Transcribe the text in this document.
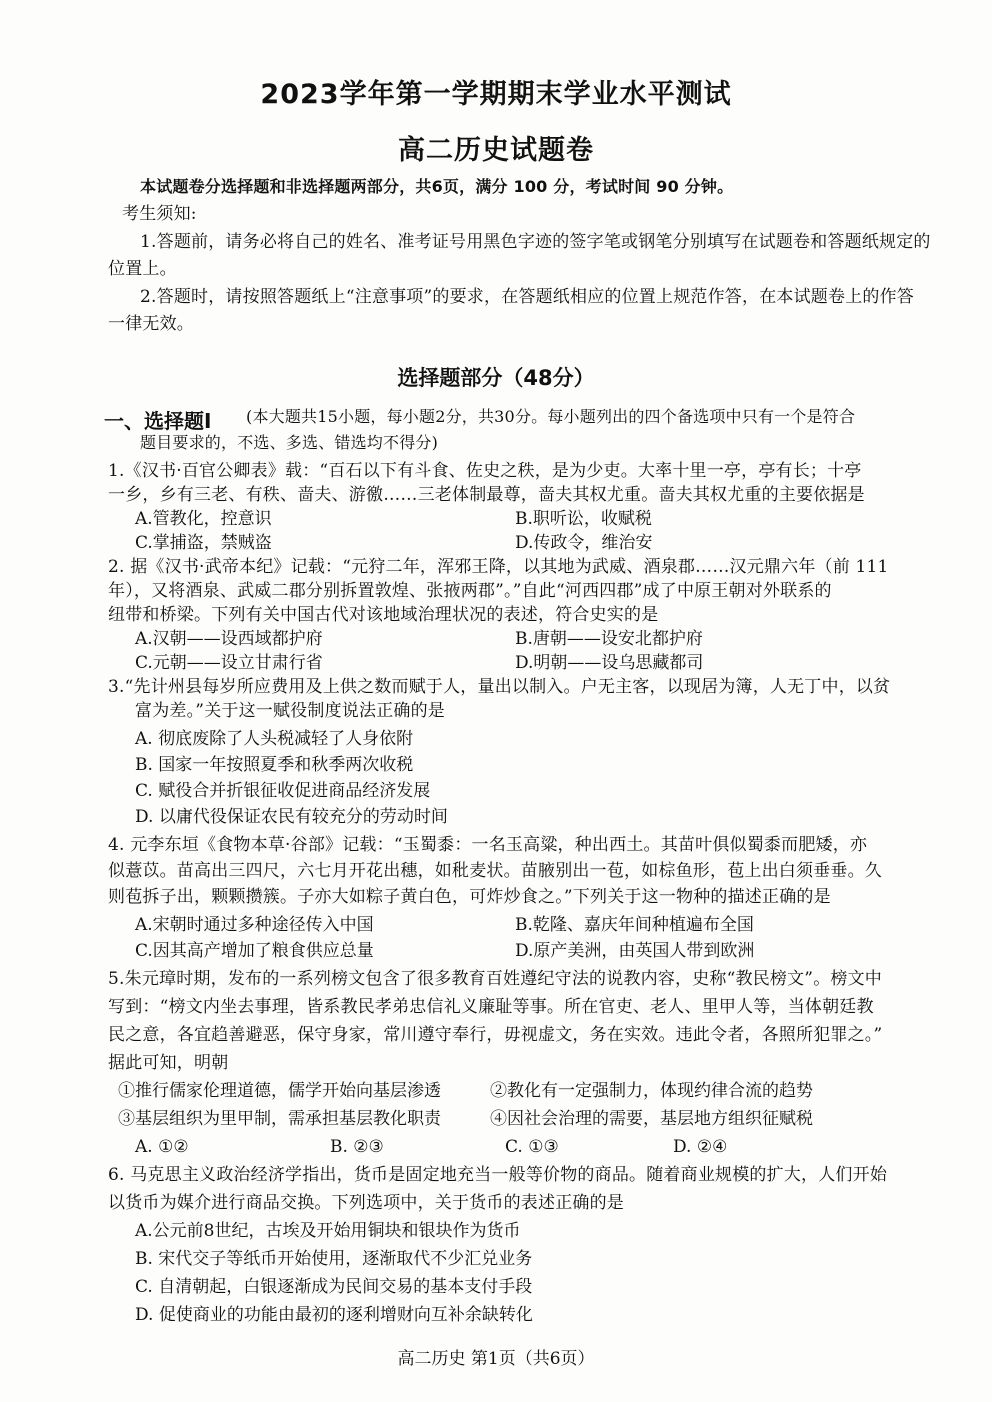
2023学年第一学期期末学业水平测试
高二历史试题卷
本试题卷分选择题和非选择题两部分，共6页，满分 100 分，考试时间 90 分钟。
考生须知:
1.答题前，请务必将自己的姓名、准考证号用黑色字迹的签字笔或钢笔分别填写在试题卷和答题纸规定的
位置上。
2.答题时，请按照答题纸上“注意事项”的要求，在答题纸相应的位置上规范作答，在本试题卷上的作答
一律无效。
选择题部分（48分）
一、选择题Ⅰ (本大题共15小题，每小题2分，共30分。每小题列出的四个备选项中只有一个是符合
题目要求的，不选、多选、错选均不得分)
1.《汉书·百官公卿表》载：“百石以下有斗食、佐史之秩，是为少吏。大率十里一亭，亭有长；十亭
一乡，乡有三老、有秩、啬夫、游徼……三老体制最尊，啬夫其权尤重。啬夫其权尤重的主要依据是
A.管教化，控意识	B.职听讼，收赋税
C.掌捕盗，禁贼盗	D.传政令，维治安
2. 据《汉书·武帝本纪》记载：“元狩二年，浑邪王降，以其地为武威、酒泉郡……汉元鼎六年（前 111
年），又将酒泉、武威二郡分别拆置敦煌、张掖两郡”。”自此“河西四郡”成了中原王朝对外联系的
纽带和桥梁。下列有关中国古代对该地域治理状况的表述，符合史实的是
A.汉朝——设西域都护府	B.唐朝——设安北都护府
C.元朝——设立甘肃行省	D.明朝——设乌思藏都司
3.“先计州县每岁所应费用及上供之数而赋于人，量出以制入。户无主客，以现居为簿，人无丁中，以贫
富为差。”关于这一赋役制度说法正确的是
A. 彻底废除了人头税减轻了人身依附
B. 国家一年按照夏季和秋季两次收税
C. 赋役合并折银征收促进商品经济发展
D. 以庸代役保证农民有较充分的劳动时间
4. 元李东垣《食物本草·谷部》记载：“玉蜀黍：一名玉高粱，种出西土。其苗叶俱似蜀黍而肥矮，亦
似薏苡。苗高出三四尺，六七月开花出穗，如秕麦状。苗腋别出一苞，如棕鱼形，苞上出白须垂垂。久
则苞拆子出，颗颗攒簇。子亦大如粽子黄白色，可炸炒食之。”下列关于这一物种的描述正确的是
A.宋朝时通过多种途径传入中国	B.乾隆、嘉庆年间种植遍布全国
C.因其高产增加了粮食供应总量	D.原产美洲，由英国人带到欧洲
5.朱元璋时期，发布的一系列榜文包含了很多教育百姓遵纪守法的说教内容，史称“教民榜文”。榜文中
写到：“榜文内坐去事理，皆系教民孝弟忠信礼义廉耻等事。所在官吏、老人、里甲人等，当体朝廷教
民之意，各宜趋善避恶，保守身家，常川遵守奉行，毋视虚文，务在实效。违此令者，各照所犯罪之。”
据此可知，明朝
①推行儒家伦理道德，儒学开始向基层渗透	②教化有一定强制力，体现约律合流的趋势
③基层组织为里甲制，需承担基层教化职责	④因社会治理的需要，基层地方组织征赋税
A. ①②	B. ②③	C. ①③	D. ②④
6. 马克思主义政治经济学指出，货币是固定地充当一般等价物的商品。随着商业规模的扩大，人们开始
以货币为媒介进行商品交换。下列选项中，关于货币的表述正确的是
A.公元前8世纪，古埃及开始用铜块和银块作为货币
B. 宋代交子等纸币开始使用，逐渐取代不少汇兑业务
C. 自清朝起，白银逐渐成为民间交易的基本支付手段
D. 促使商业的功能由最初的逐利增财向互补余缺转化
高二历史 第1页（共6页）
